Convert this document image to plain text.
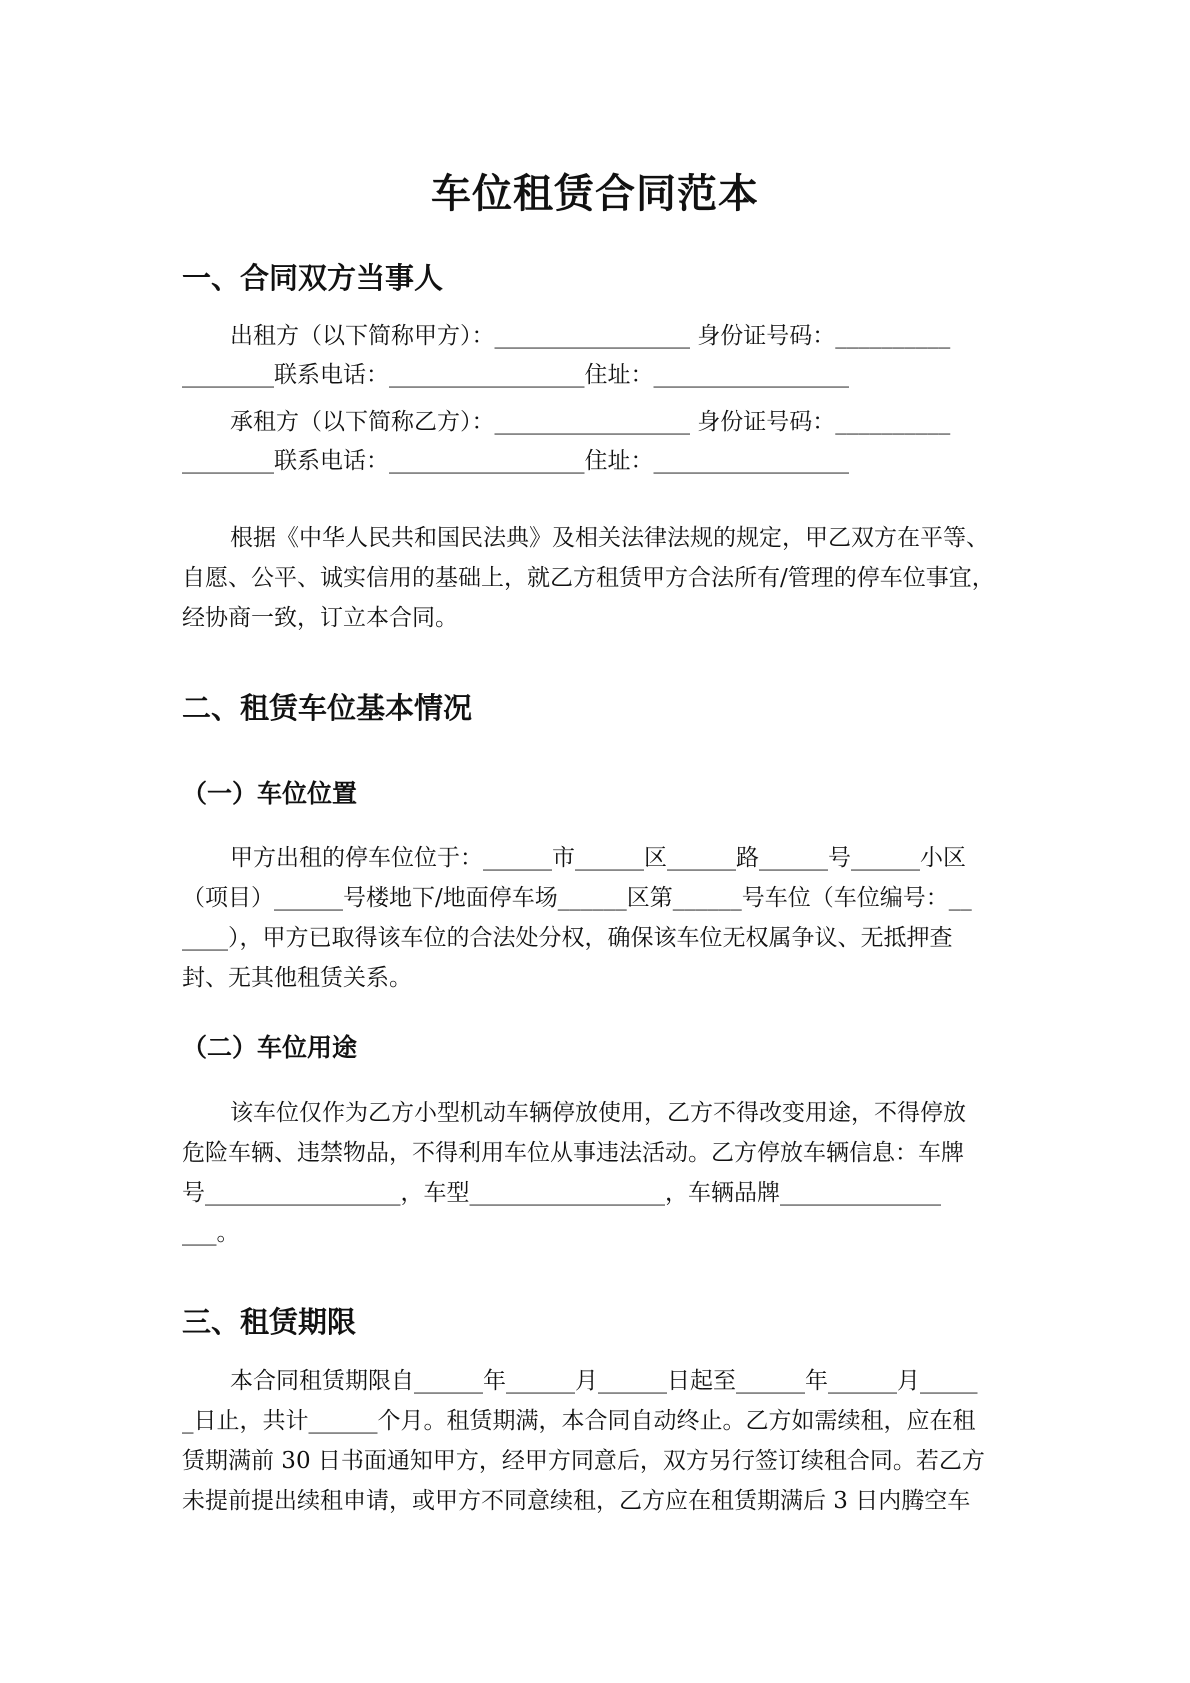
车位租赁合同范本
一、合同双方当事人

出租方（以下简称甲方）：_________________ 身份证号码：__________

________联系电话：_________________住址：_________________

承租方（以下简称乙方）：_________________ 身份证号码：__________

________联系电话：_________________住址：_________________

根据《中华人民共和国民法典》及相关法律法规的规定，甲乙双方在平等、

自愿、公平、诚实信用的基础上，就乙方租赁甲方合法所有/管理的停车位事宜，

经协商一致，订立本合同。

二、租赁车位基本情况
（一）车位位置

甲方出租的停车位位于：______市______区______路______号______小区

（项目）______号楼地下/地面停车场______区第______号车位（车位编号：__

____），甲方已取得该车位的合法处分权，确保该车位无权属争议、无抵押查

封、无其他租赁关系。

（二）车位用途

该车位仅作为乙方小型机动车辆停放使用，乙方不得改变用途，不得停放

危险车辆、违禁物品，不得利用车位从事违法活动。乙方停放车辆信息：车牌

号_________________，车型_________________，车辆品牌______________

___。

三、租赁期限

本合同租赁期限自______年______月______日起至______年______月_____

_日止，共计______个月。租赁期满，本合同自动终止。乙方如需续租，应在租

赁期满前 30 日书面通知甲方，经甲方同意后，双方另行签订续租合同。若乙方

未提前提出续租申请，或甲方不同意续租，乙方应在租赁期满后 3 日内腾空车
